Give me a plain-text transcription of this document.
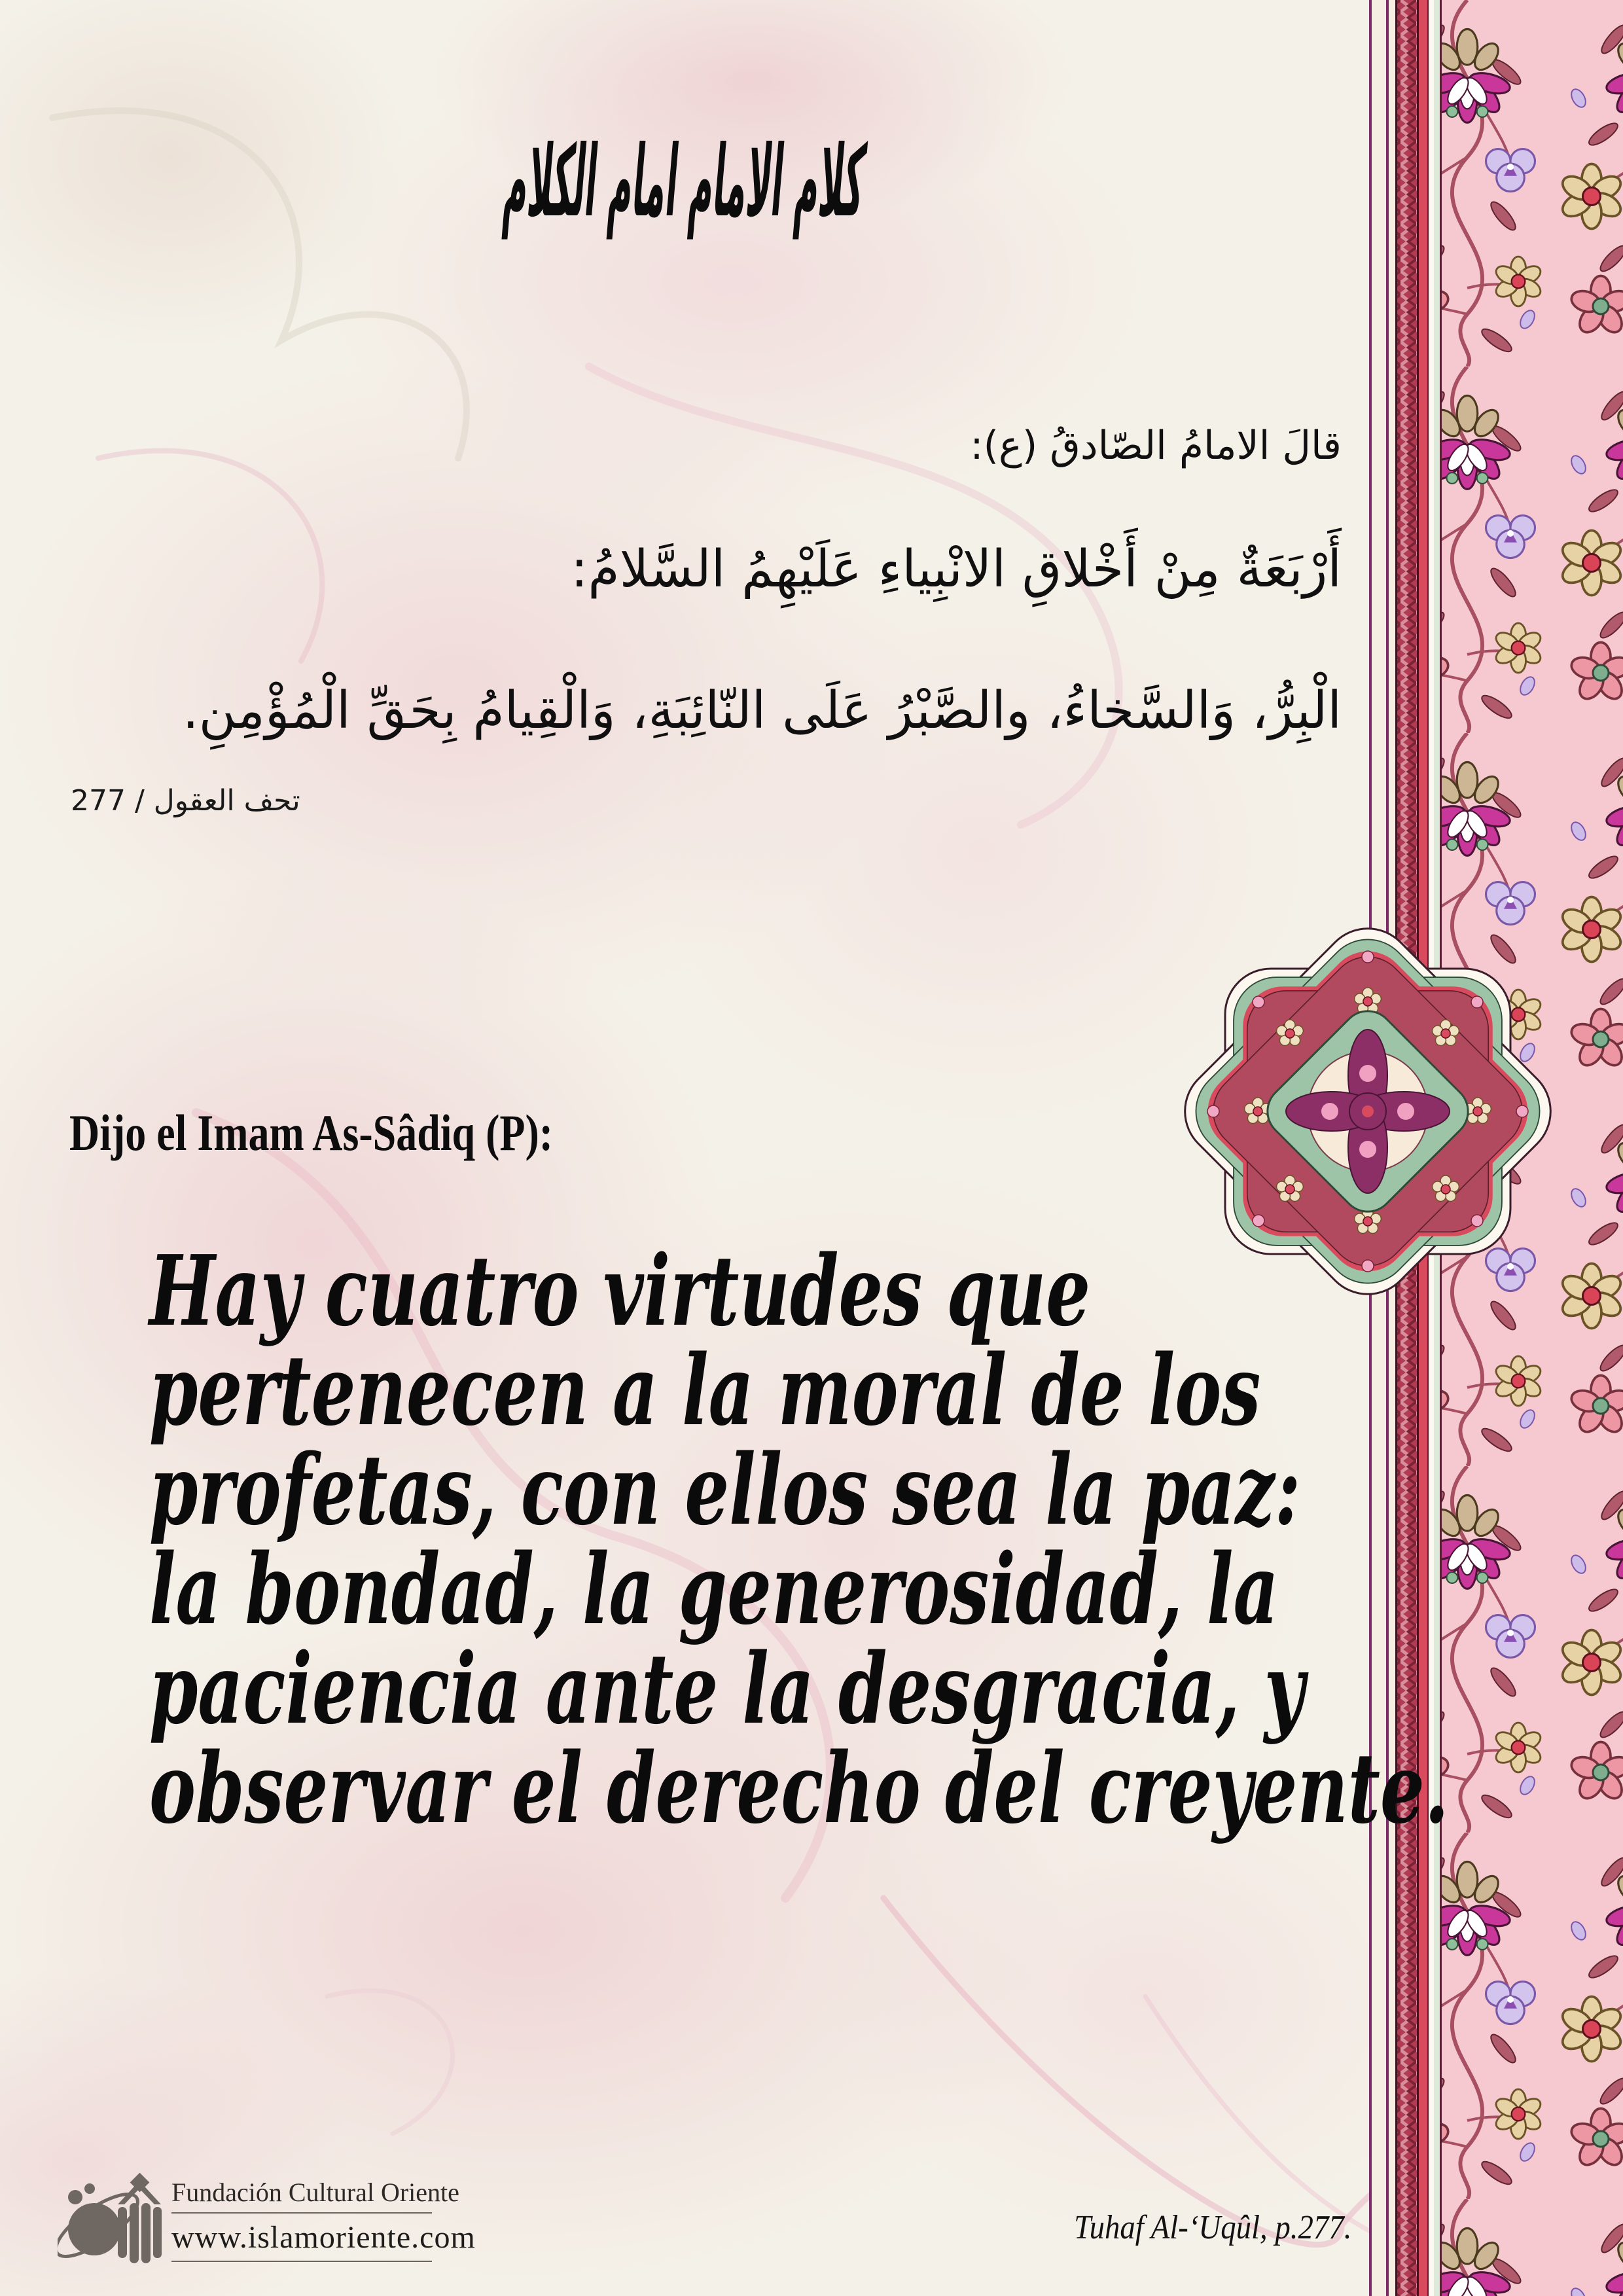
كلام الامام امام الكلام
قالَ الامامُ الصّادقُ (ع):
أَرْبَعَةٌ مِنْ أَخْلاقِ الانْبِياءِ عَلَيْهِمُ السَّلامُ:
الْبِرُّ، وَالسَّخاءُ، والصَّبْرُ عَلَى النّائِبَةِ، وَالْقِيامُ بِحَقِّ الْمُؤْمِنِ.
تحف العقول / 277
Dijo el Imam As-Sâdiq (P):
Hay cuatro virtudes que
pertenecen a la moral de los
profetas, con ellos sea la paz:
la bondad, la generosidad, la
paciencia ante la desgracia, y
observar el derecho del creyente.
Fundación Cultural Oriente
www.islamoriente.com	Tuhaf Al-‘Uqûl, p.277.
